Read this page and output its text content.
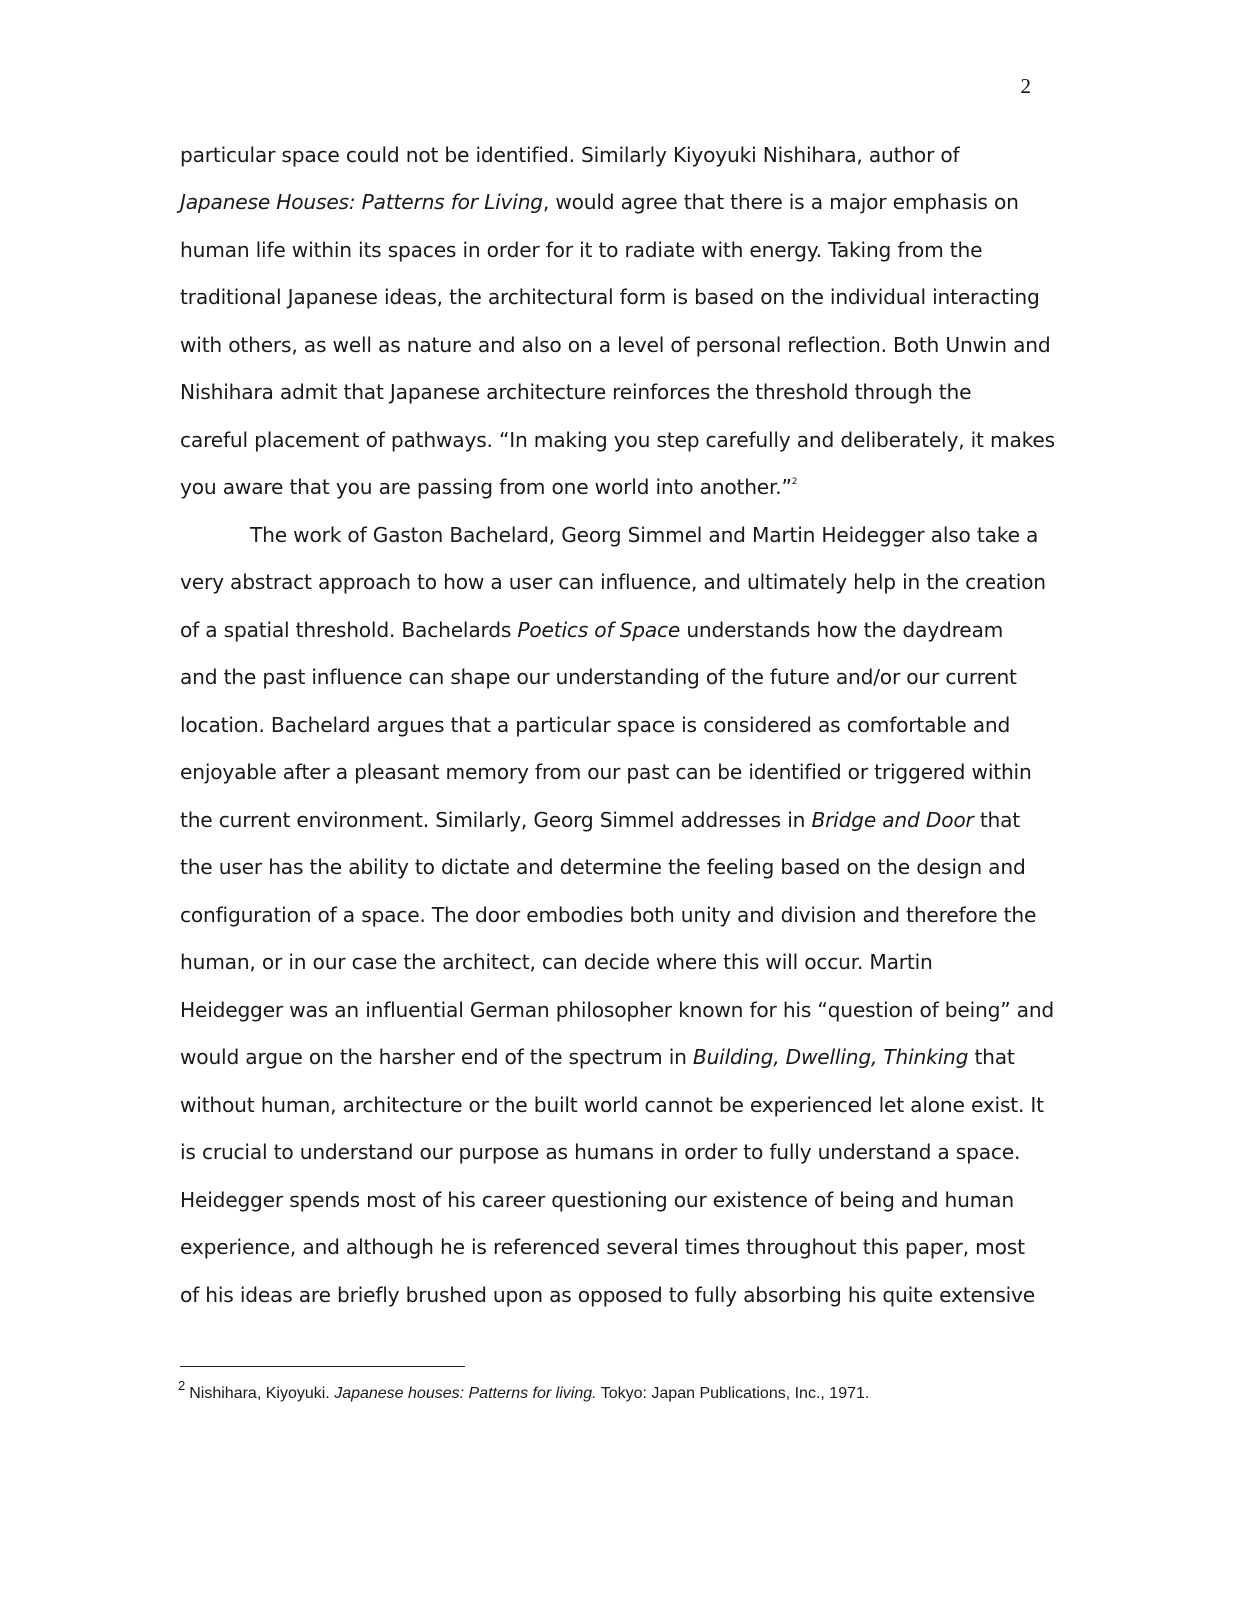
2
particular space could not be identified. Similarly Kiyoyuki Nishihara, author of
Japanese Houses: Patterns for Living, would agree that there is a major emphasis on
human life within its spaces in order for it to radiate with energy. Taking from the
traditional Japanese ideas, the architectural form is based on the individual interacting
with others, as well as nature and also on a level of personal reflection. Both Unwin and
Nishihara admit that Japanese architecture reinforces the threshold through the
careful placement of pathways. “In making you step carefully and deliberately, it makes
you aware that you are passing from one world into another.”$^2$
The work of Gaston Bachelard, Georg Simmel and Martin Heidegger also take a
very abstract approach to how a user can influence, and ultimately help in the creation
of a spatial threshold. Bachelards Poetics of Space understands how the daydream
and the past influence can shape our understanding of the future and/or our current
location. Bachelard argues that a particular space is considered as comfortable and
enjoyable after a pleasant memory from our past can be identified or triggered within
the current environment. Similarly, Georg Simmel addresses in Bridge and Door that
the user has the ability to dictate and determine the feeling based on the design and
configuration of a space. The door embodies both unity and division and therefore the
human, or in our case the architect, can decide where this will occur. Martin
Heidegger was an influential German philosopher known for his “question of being” and
would argue on the harsher end of the spectrum in Building, Dwelling, Thinking that
without human, architecture or the built world cannot be experienced let alone exist. It
is crucial to understand our purpose as humans in order to fully understand a space.
Heidegger spends most of his career questioning our existence of being and human
experience, and although he is referenced several times throughout this paper, most
of his ideas are briefly brushed upon as opposed to fully absorbing his quite extensive
$^2$ Nishihara, Kiyoyuki. Japanese houses: Patterns for living. Tokyo: Japan Publications, Inc., 1971.
